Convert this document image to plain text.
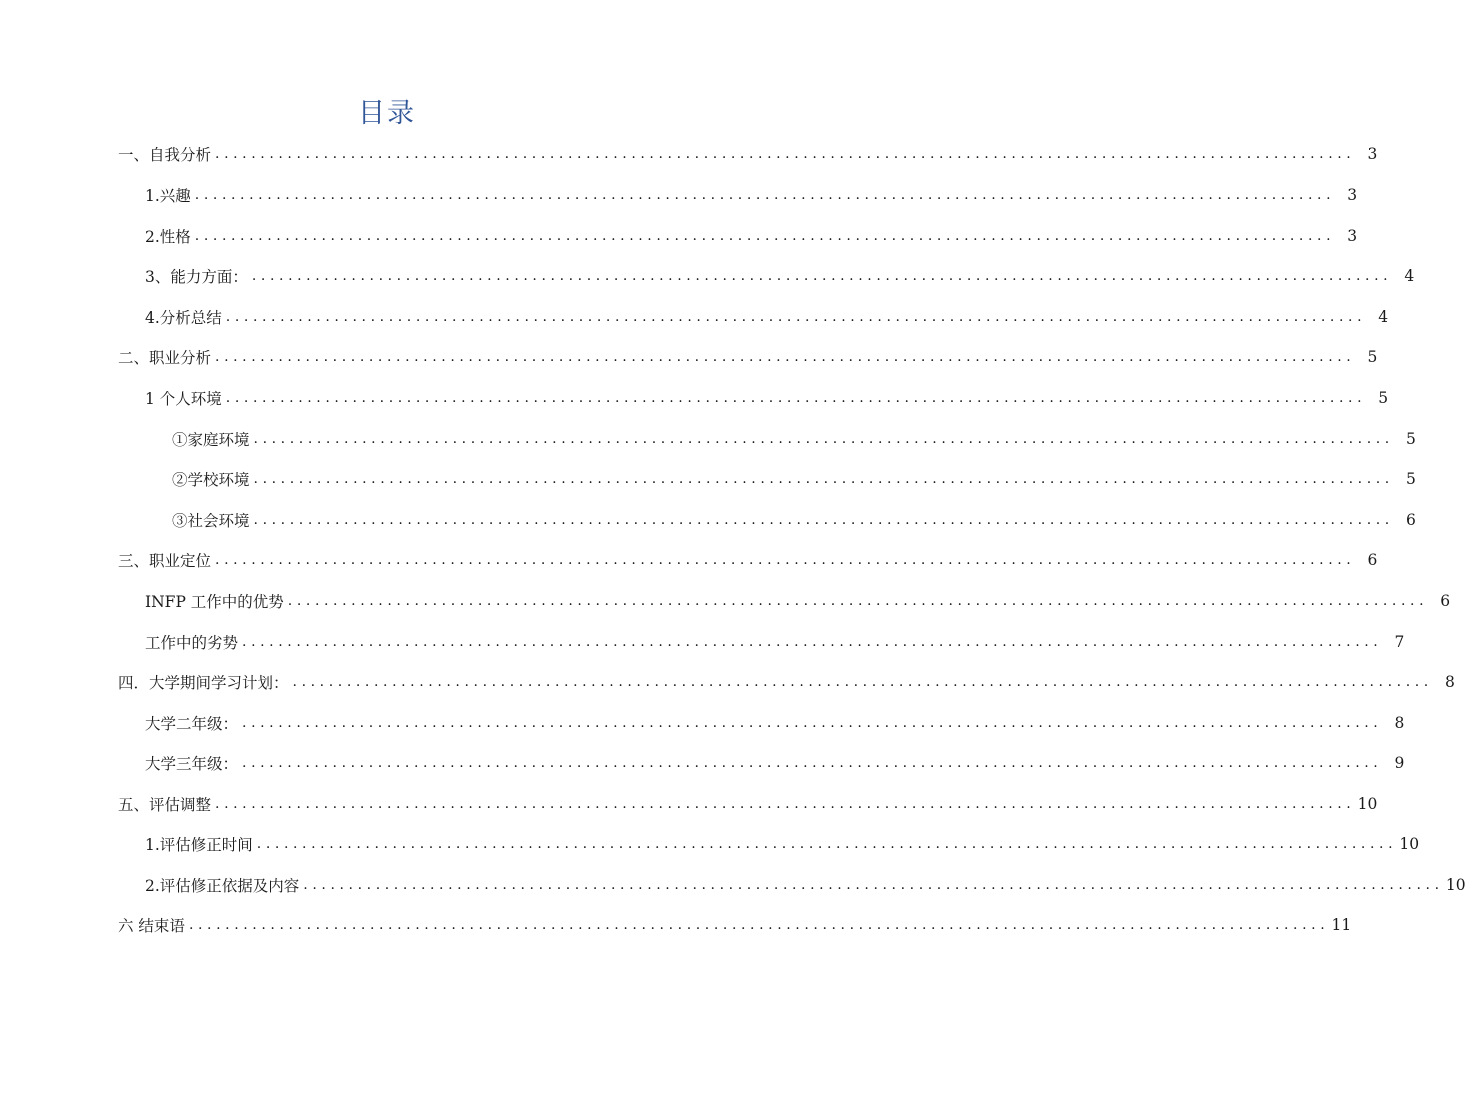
目录
一、自我分析 .............................................................................................................................. 3
1.兴趣 .............................................................................................................................. 3
2.性格 .............................................................................................................................. 3
3、能力方面： .............................................................................................................................. 4
4.分析总结 .............................................................................................................................. 4
二、职业分析 .............................................................................................................................. 5
1 个人环境 .............................................................................................................................. 5
①家庭环境 .............................................................................................................................. 5
②学校环境 .............................................................................................................................. 5
③社会环境 .............................................................................................................................. 6
三、职业定位 .............................................................................................................................. 6
INFP 工作中的优势 .............................................................................................................................. 6
工作中的劣势 .............................................................................................................................. 7
四．大学期间学习计划： .............................................................................................................................. 8
大学二年级： .............................................................................................................................. 8
大学三年级： .............................................................................................................................. 9
五、评估调整 .............................................................................................................................. 10
1.评估修正时间 .............................................................................................................................. 10
2.评估修正依据及内容 .............................................................................................................................. 10
六 结束语 .............................................................................................................................. 11
